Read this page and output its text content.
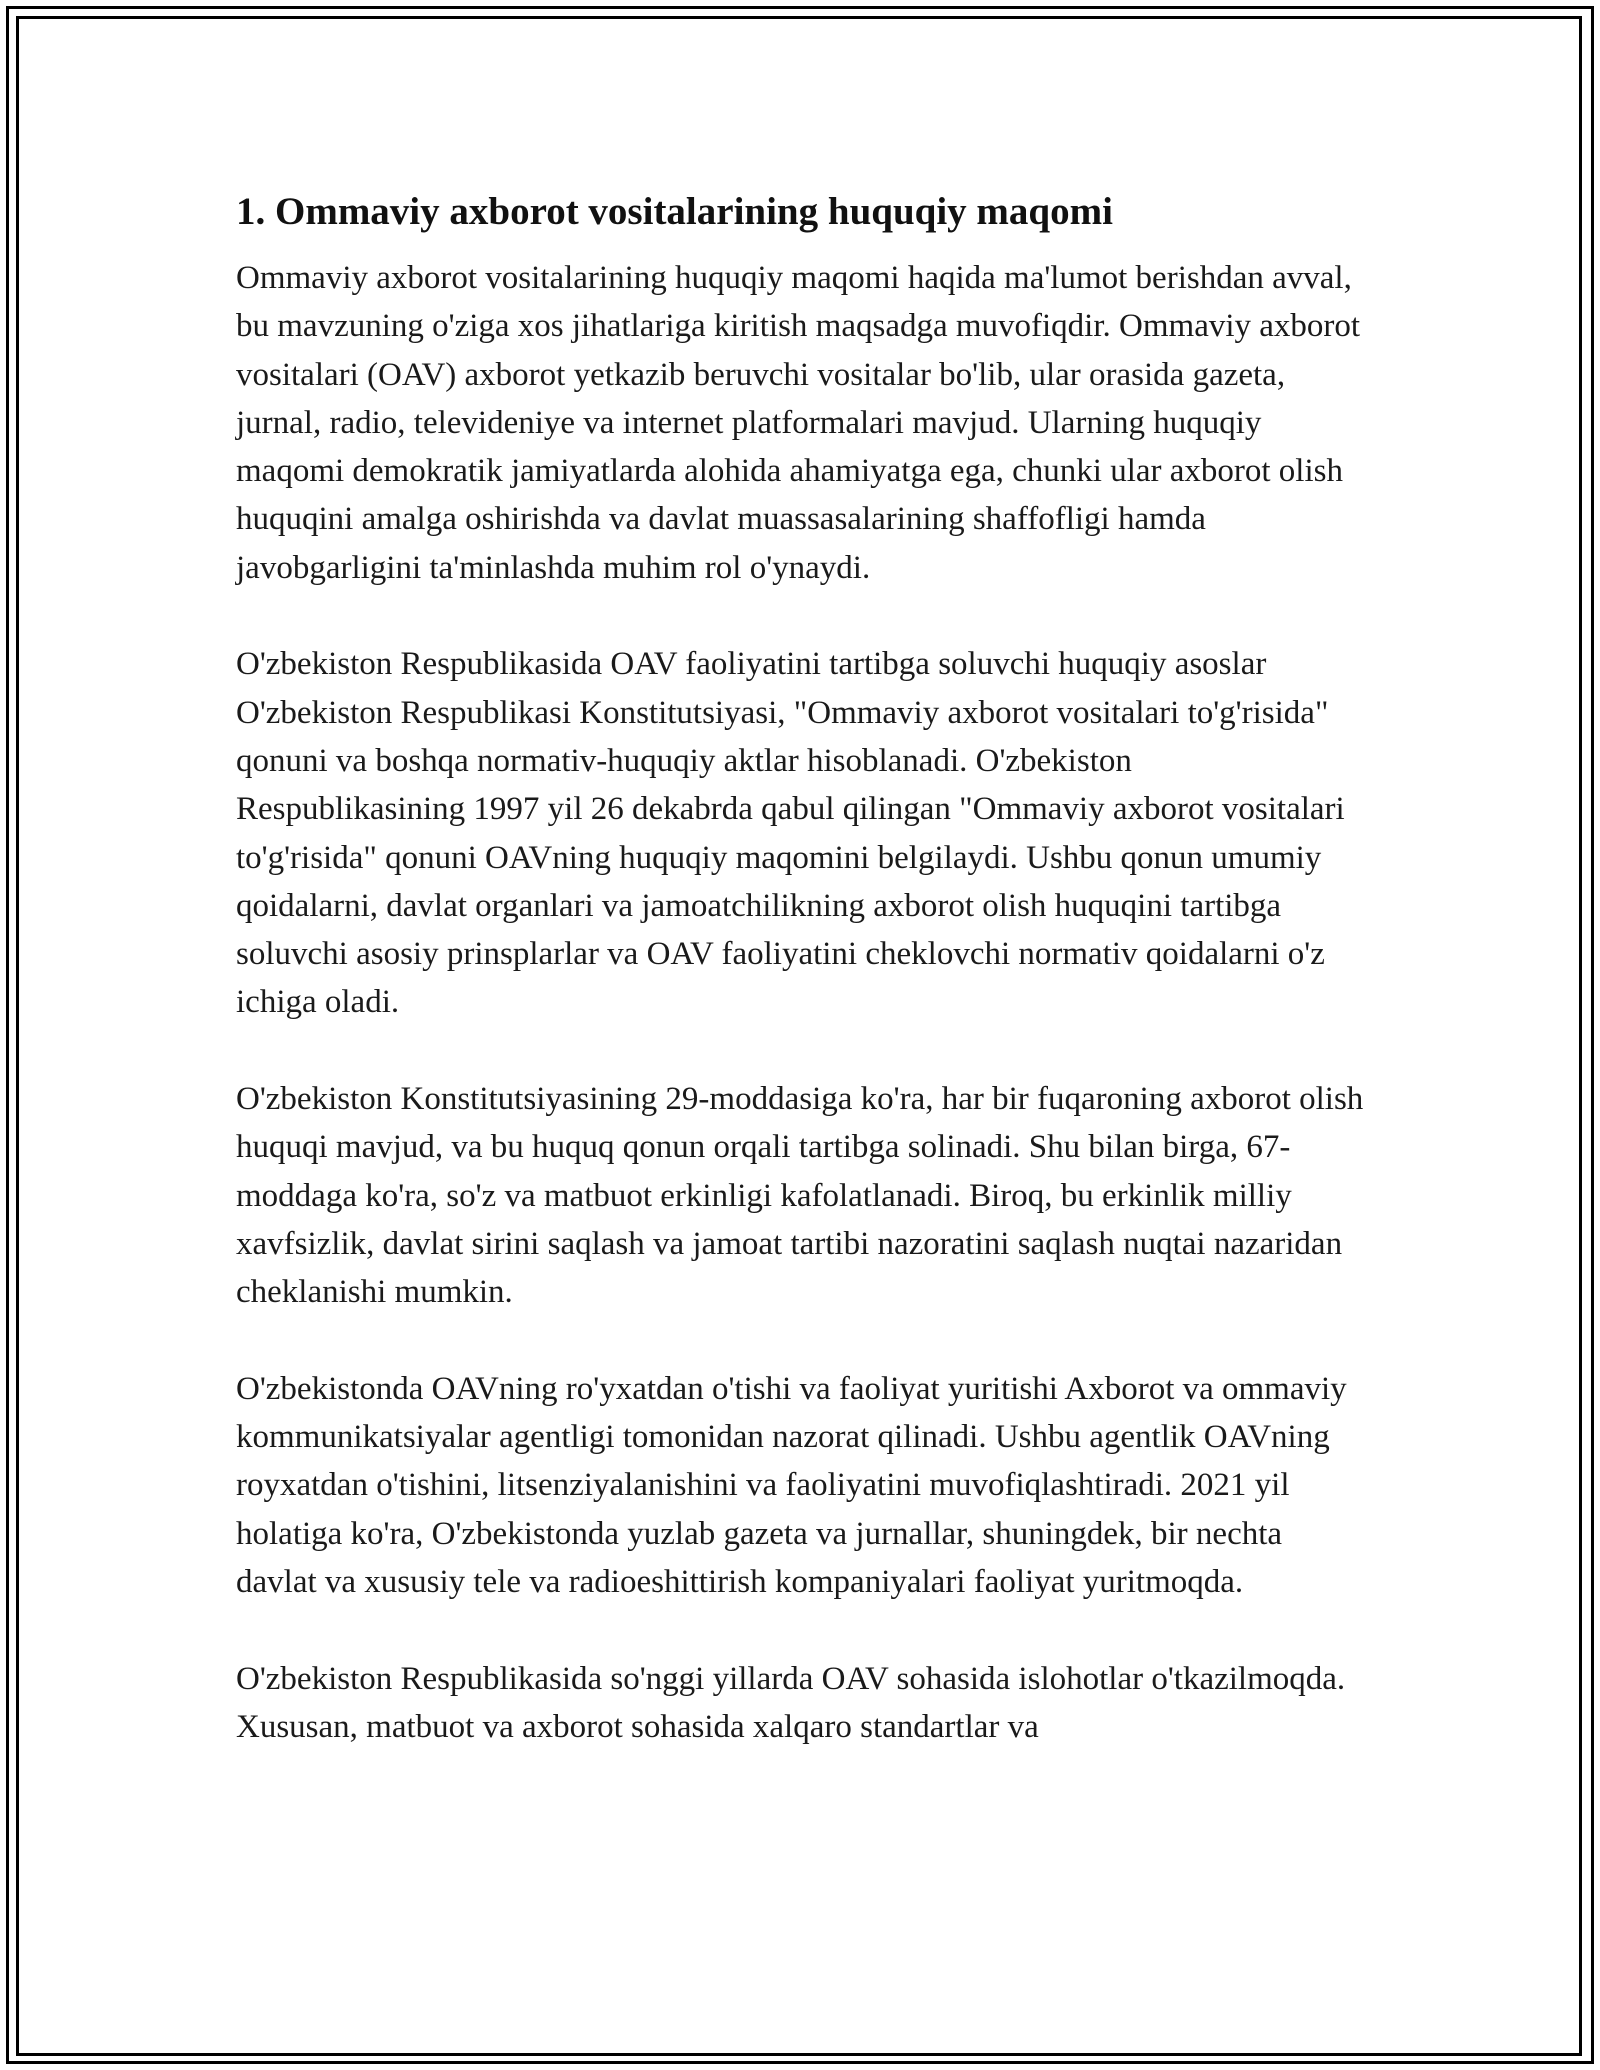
1. Ommaviy axborot vositalarining huquqiy maqomi

Ommaviy axborot vositalarining huquqiy maqomi haqida ma'lumot berishdan avval, bu mavzuning o'ziga xos jihatlariga kiritish maqsadga muvofiqdir. Ommaviy axborot vositalari (OAV) axborot yetkazib beruvchi vositalar bo'lib, ular orasida gazeta, jurnal, radio, televideniye va internet platformalari mavjud. Ularning huquqiy maqomi demokratik jamiyatlarda alohida ahamiyatga ega, chunki ular axborot olish huquqini amalga oshirishda va davlat muassasalarining shaffofligi hamda javobgarligini ta'minlashda muhim rol o'ynaydi.

O'zbekiston Respublikasida OAV faoliyatini tartibga soluvchi huquqiy asoslar O'zbekiston Respublikasi Konstitutsiyasi, "Ommaviy axborot vositalari to'g'risida" qonuni va boshqa normativ-huquqiy aktlar hisoblanadi. O'zbekiston Respublikasining 1997 yil 26 dekabrda qabul qilingan "Ommaviy axborot vositalari to'g'risida" qonuni OAVning huquqiy maqomini belgilaydi. Ushbu qonun umumiy qoidalarni, davlat organlari va jamoatchilikning axborot olish huquqini tartibga soluvchi asosiy prinsplarlar va OAV faoliyatini cheklovchi normativ qoidalarni o'z ichiga oladi.

O'zbekiston Konstitutsiyasining 29-moddasiga ko'ra, har bir fuqaroning axborot olish huquqi mavjud, va bu huquq qonun orqali tartibga solinadi. Shu bilan birga, 67-moddaga ko'ra, so'z va matbuot erkinligi kafolatlanadi. Biroq, bu erkinlik milliy xavfsizlik, davlat sirini saqlash va jamoat tartibi nazoratini saqlash nuqtai nazaridan cheklanishi mumkin.

O'zbekistonda OAVning ro'yxatdan o'tishi va faoliyat yuritishi Axborot va ommaviy kommunikatsiyalar agentligi tomonidan nazorat qilinadi. Ushbu agentlik OAVning royxatdan o'tishini, litsenziyalanishini va faoliyatini muvofiqlashtiradi. 2021 yil holatiga ko'ra, O'zbekistonda yuzlab gazeta va jurnallar, shuningdek, bir nechta davlat va xususiy tele va radioeshittirish kompaniyalari faoliyat yuritmoqda.

O'zbekiston Respublikasida so'nggi yillarda OAV sohasida islohotlar o'tkazilmoqda. Xususan, matbuot va axborot sohasida xalqaro standartlar va
